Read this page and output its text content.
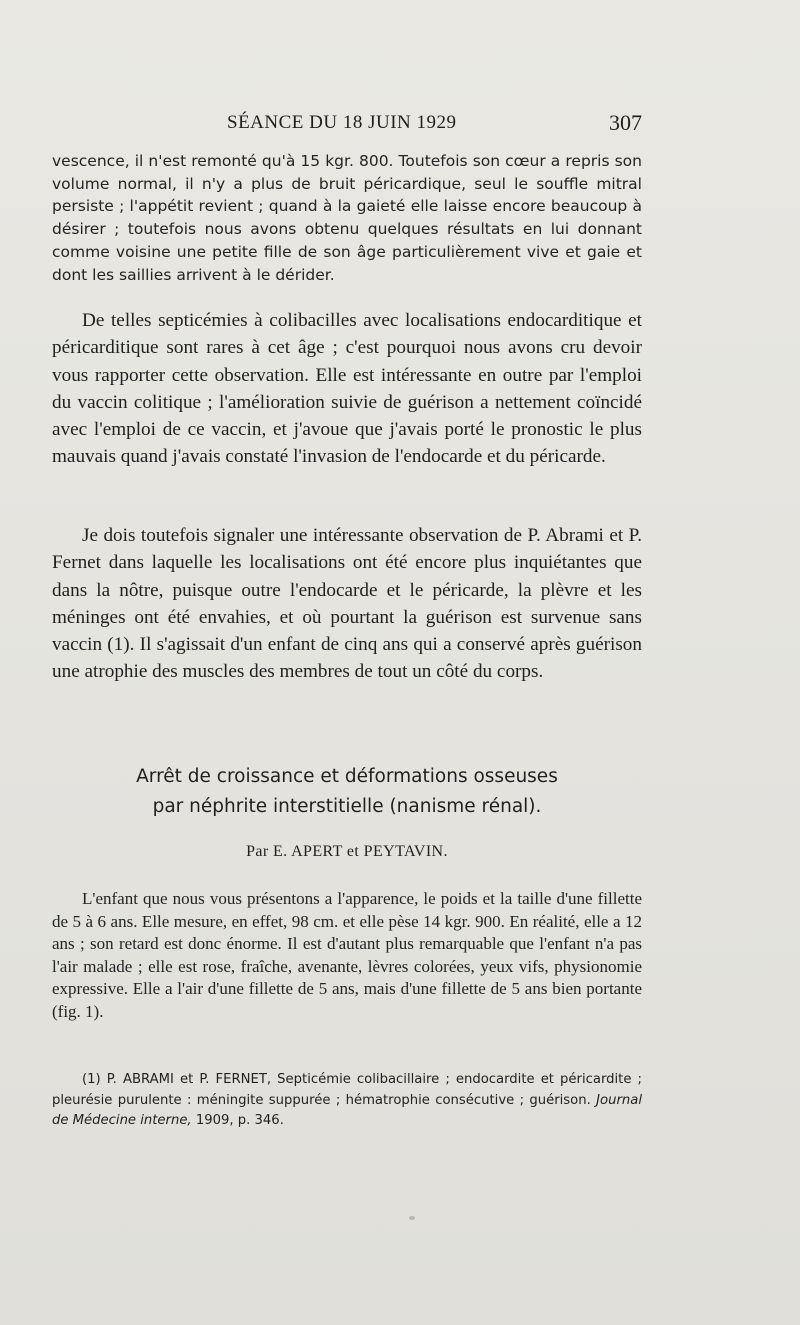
SÉANCE DU 18 JUIN 1929	307

vescence, il n'est remonté qu'à 15 kgr. 800. Toutefois son cœur a repris son volume normal, il n'y a plus de bruit péricardique, seul le souffle mitral persiste ; l'appétit revient ; quand à la gaieté elle laisse encore beaucoup à désirer ; toutefois nous avons obtenu quelques résultats en lui donnant comme voisine une petite fille de son âge particulièrement vive et gaie et dont les saillies arrivent à le dérider.

De telles septicémies à colibacilles avec localisations endocarditique et péricarditique sont rares à cet âge ; c'est pourquoi nous avons cru devoir vous rapporter cette observation. Elle est intéressante en outre par l'emploi du vaccin colitique ; l'amélioration suivie de guérison a nettement coïncidé avec l'emploi de ce vaccin, et j'avoue que j'avais porté le pronostic le plus mauvais quand j'avais constaté l'invasion de l'endocarde et du péricarde.

Je dois toutefois signaler une intéressante observation de P. Abrami et P. Fernet dans laquelle les localisations ont été encore plus inquiétantes que dans la nôtre, puisque outre l'endocarde et le péricarde, la plèvre et les méninges ont été envahies, et où pourtant la guérison est survenue sans vaccin (1). Il s'agissait d'un enfant de cinq ans qui a conservé après guérison une atrophie des muscles des membres de tout un côté du corps.

Arrêt de croissance et déformations osseuses
par néphrite interstitielle (nanisme rénal).
Par E. APERT et PEYTAVIN.

L'enfant que nous vous présentons a l'apparence, le poids et la taille d'une fillette de 5 à 6 ans. Elle mesure, en effet, 98 cm. et elle pèse 14 kgr. 900. En réalité, elle a 12 ans ; son retard est donc énorme. Il est d'autant plus remarquable que l'enfant n'a pas l'air malade ; elle est rose, fraîche, avenante, lèvres colorées, yeux vifs, physionomie expressive. Elle a l'air d'une fillette de 5 ans, mais d'une fillette de 5 ans bien portante (fig. 1).

(1) P. ABRAMI et P. FERNET, Septicémie colibacillaire ; endocardite et péricardite ; pleurésie purulente : méningite suppurée ; hématrophie consécutive ; guérison. Journal de Médecine interne, 1909, p. 346.
